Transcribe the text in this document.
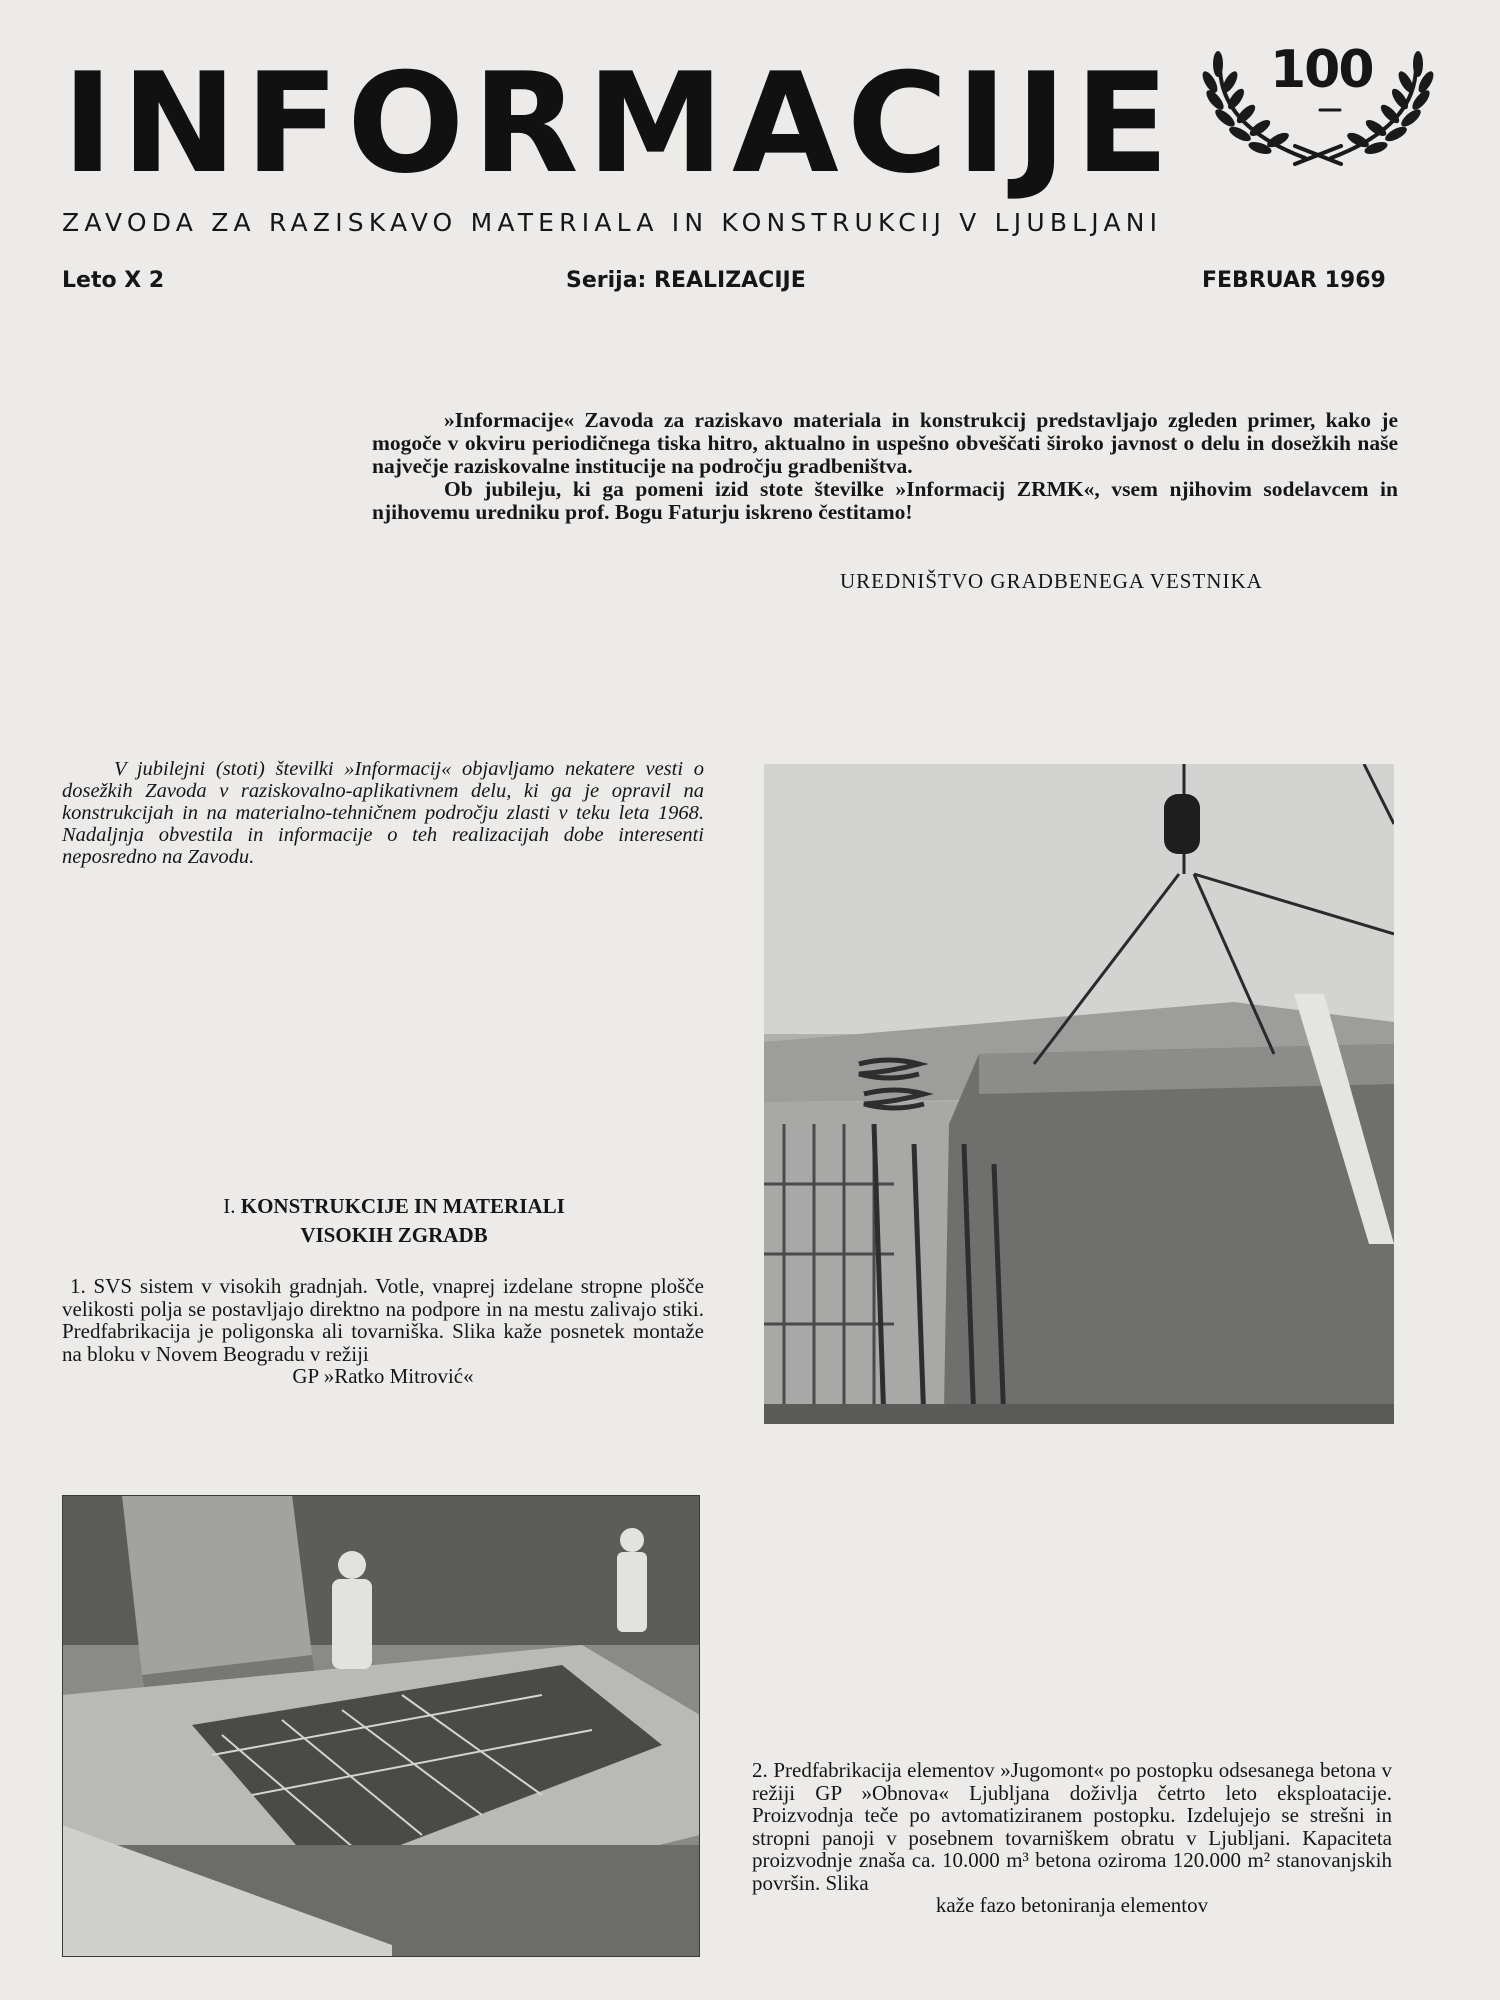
INFORMACIJE 100
ZAVODA ZA RAZISKAVO MATERIALA IN KONSTRUKCIJ V LJUBLJANI
Leto X 2	Serija: REALIZACIJE	FEBRUAR 1969

»Informacije« Zavoda za raziskavo materiala in konstrukcij predstavljajo zgleden primer, kako je mogoče v okviru periodičnega tiska hitro, aktualno in uspešno obveščati široko javnost o delu in dosežkih naše največje raziskovalne institucije na področju gradbeništva.

Ob jubileju, ki ga pomeni izid stote številke »Informacij ZRMK«, vsem njihovim sodelavcem in njihovemu uredniku prof. Bogu Faturju iskreno čestitamo!

UREDNIŠTVO GRADBENEGA VESTNIKA

V jubilejni (stoti) številki »Informacij« objavljamo nekatere vesti o dosežkih Zavoda v raziskovalno-aplikativnem delu, ki ga je opravil na konstrukcijah in na materialno-tehničnem področju zlasti v teku leta 1968. Nadaljnja obvestila in informacije o teh realizacijah dobe interesenti neposredno na Zavodu.

I. KONSTRUKCIJE IN MATERIALI
VISOKIH ZGRADB

1. SVS sistem v visokih gradnjah. Votle, vnaprej izdelane stropne plošče velikosti polja se postavljajo direktno na podpore in na mestu zalivajo stiki. Predfabrikacija je poligonska ali tovarniška. Slika kaže posnetek montaže na bloku v Novem Beogradu v režiji

GP »Ratko Mitrović«

2. Predfabrikacija elementov »Jugomont« po postopku odsesanega betona v režiji GP »Obnova« Ljubljana doživlja četrto leto eksploatacije. Proizvodnja teče po avtomatiziranem postopku. Izdelujejo se strešni in stropni panoji v posebnem tovarniškem obratu v Ljubljani. Kapaciteta proizvodnje znaša ca. 10.000 m³ betona oziroma 120.000 m² stanovanjskih površin. Slika

kaže fazo betoniranja elementov
